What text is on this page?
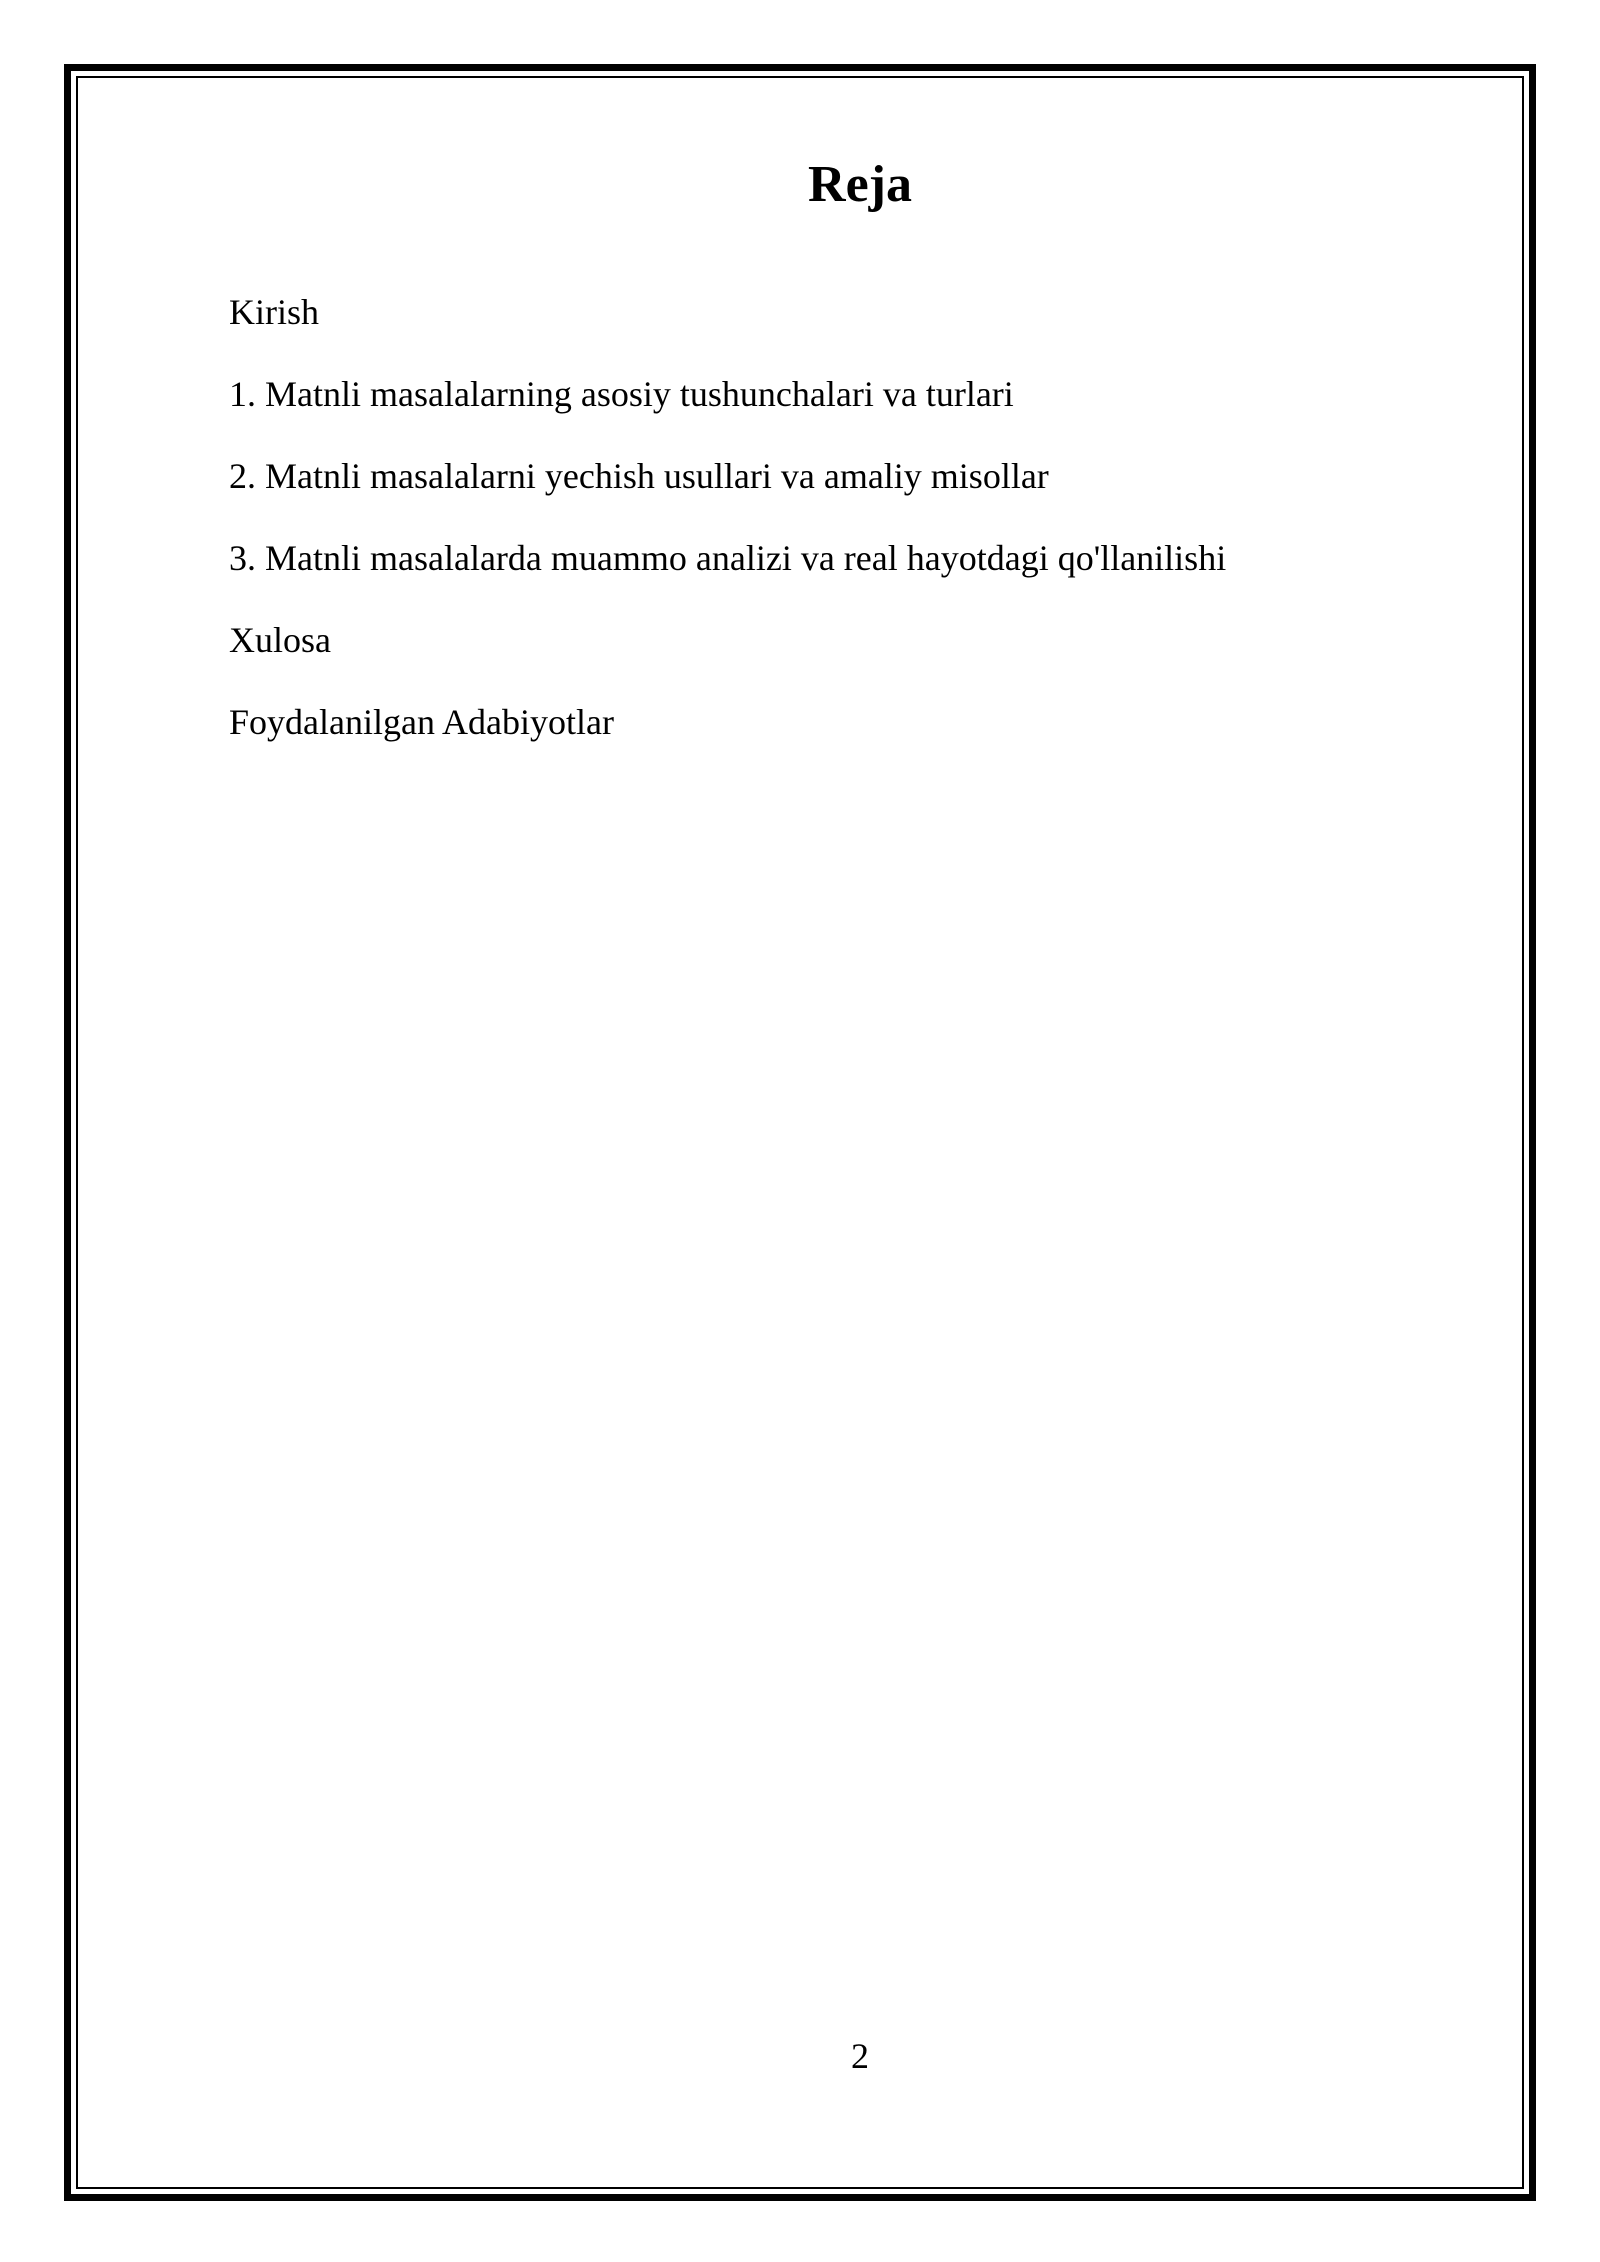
Reja
Kirish
1. Matnli masalalarning asosiy tushunchalari va turlari
2. Matnli masalalarni yechish usullari va amaliy misollar
3. Matnli masalalarda muammo analizi va real hayotdagi qo'llanilishi
Xulosa
Foydalanilgan Adabiyotlar
2
